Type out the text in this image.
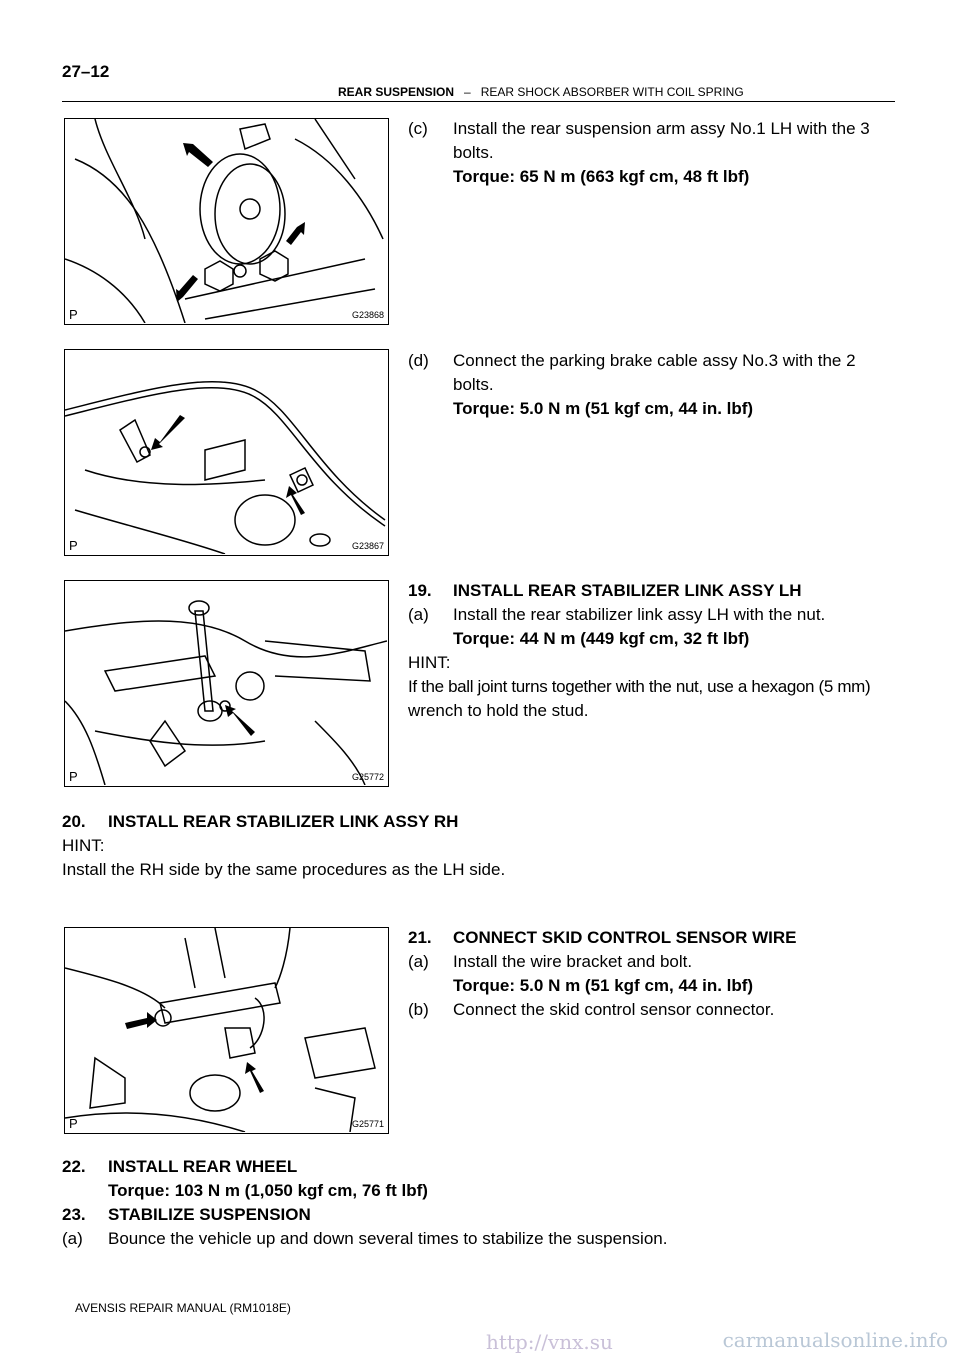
27–12
REAR SUSPENSION – REAR SHOCK ABSORBER WITH COIL SPRING
P	G23868
P	G23867
P	G25772
P	G25771
(c) Install the rear suspension arm assy No.1 LH with the 3
bolts.
Torque: 65 N m (663 kgf cm, 48 ft lbf)
(d) Connect the parking brake cable assy No.3 with the 2
bolts.
Torque: 5.0 N m (51 kgf cm, 44 in. lbf)
19. INSTALL REAR STABILIZER LINK ASSY LH
(a) Install the rear stabilizer link assy LH with the nut.
Torque: 44 N m (449 kgf cm, 32 ft lbf)
HINT:
If the ball joint turns together with the nut, use a hexagon (5 mm)
wrench to hold the stud.
20. INSTALL REAR STABILIZER LINK ASSY RH
HINT:
Install the RH side by the same procedures as the LH side.
21. CONNECT SKID CONTROL SENSOR WIRE
(a) Install the wire bracket and bolt.
Torque: 5.0 N m (51 kgf cm, 44 in. lbf)
(b) Connect the skid control sensor connector.
22. INSTALL REAR WHEEL
Torque: 103 N m (1,050 kgf cm, 76 ft lbf)
23. STABILIZE SUSPENSION
(a) Bounce the vehicle up and down several times to stabilize the suspension.
AVENSIS REPAIR MANUAL (RM1018E)
http://vnx.su	carmanualsonline.info
